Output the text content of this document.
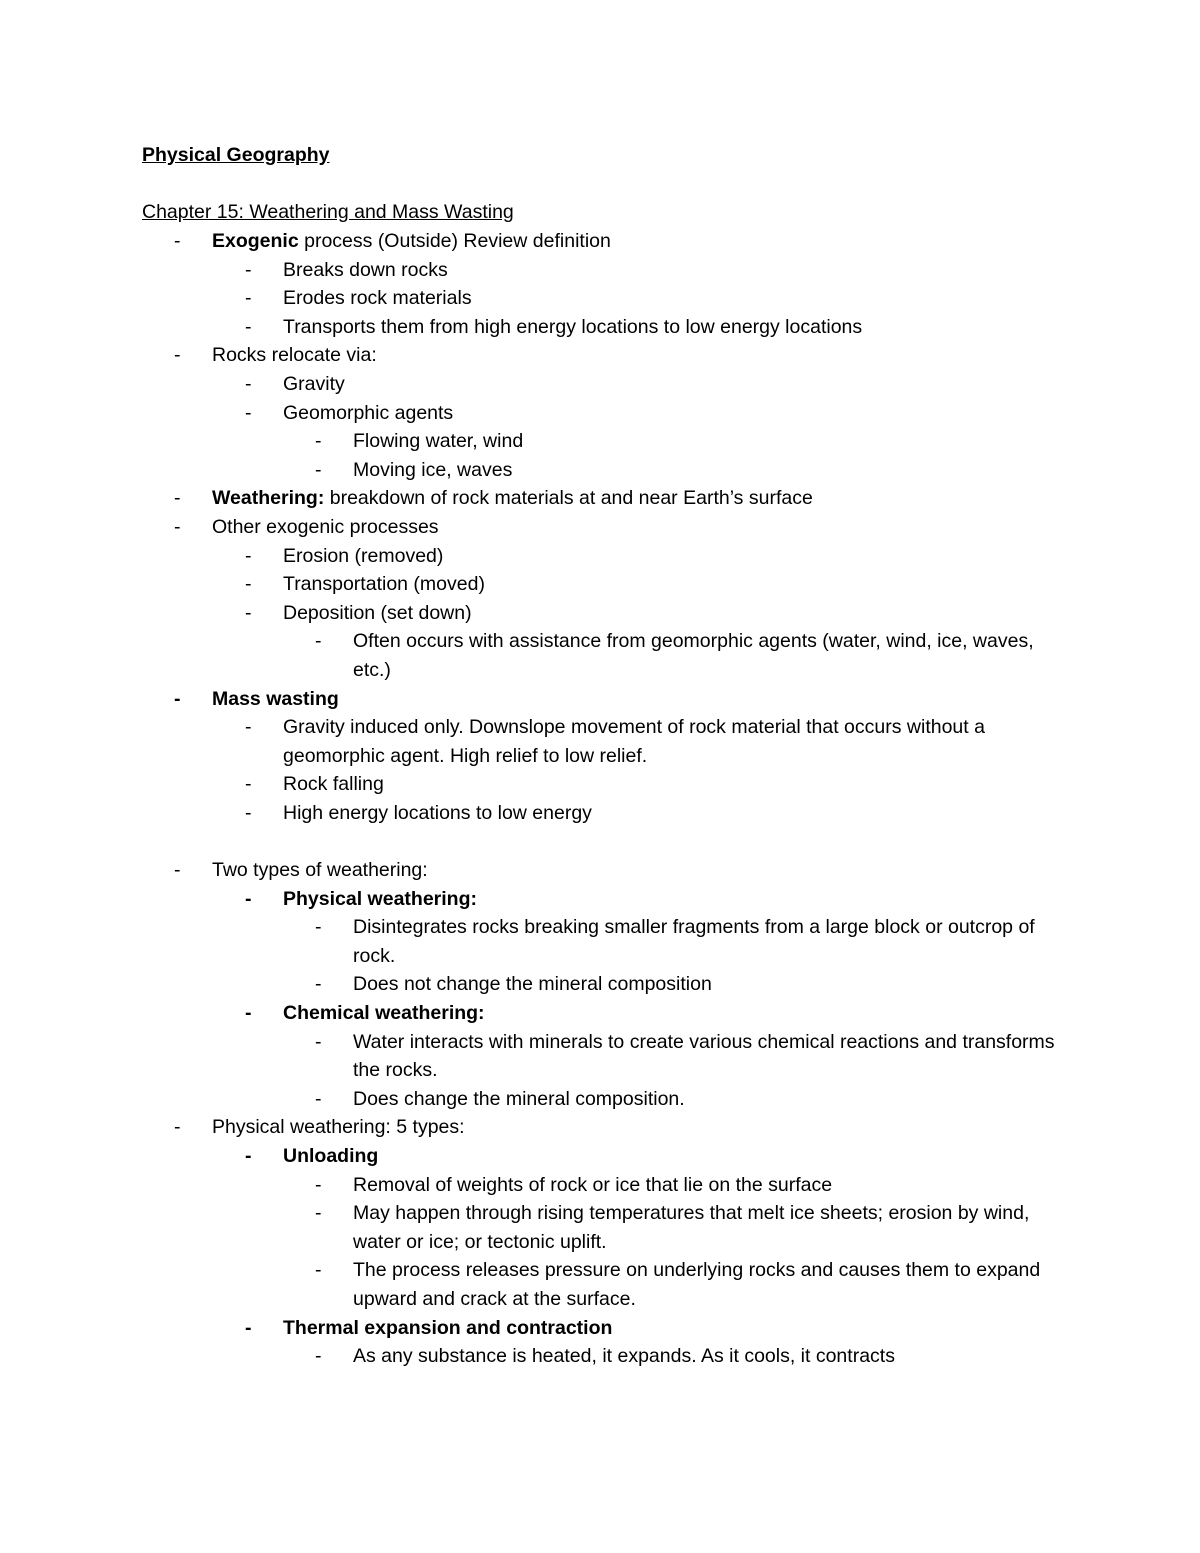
Physical Geography
Chapter 15: Weathering and Mass Wasting
-	Exogenic process (Outside) Review definition
-	Breaks down rocks
-	Erodes rock materials
-	Transports them from high energy locations to low energy locations
-	Rocks relocate via:
-	Gravity
-	Geomorphic agents
-	Flowing water, wind
-	Moving ice, waves
-	Weathering: breakdown of rock materials at and near Earth’s surface
-	Other exogenic processes
-	Erosion (removed)
-	Transportation (moved)
-	Deposition (set down)
-	Often occurs with assistance from geomorphic agents (water, wind, ice, waves, etc.)
-	Mass wasting
-	Gravity induced only. Downslope movement of rock material that occurs without a geomorphic agent. High relief to low relief.
-	Rock falling
-	High energy locations to low energy
-	Two types of weathering:
-	Physical weathering:
-	Disintegrates rocks breaking smaller fragments from a large block or outcrop of rock.
-	Does not change the mineral composition
-	Chemical weathering:
-	Water interacts with minerals to create various chemical reactions and transforms the rocks.
-	Does change the mineral composition.
-	Physical weathering: 5 types:
-	Unloading
-	Removal of weights of rock or ice that lie on the surface
-	May happen through rising temperatures that melt ice sheets; erosion by wind, water or ice; or tectonic uplift.
-	The process releases pressure on underlying rocks and causes them to expand upward and crack at the surface.
-	Thermal expansion and contraction
-	As any substance is heated, it expands. As it cools, it contracts
